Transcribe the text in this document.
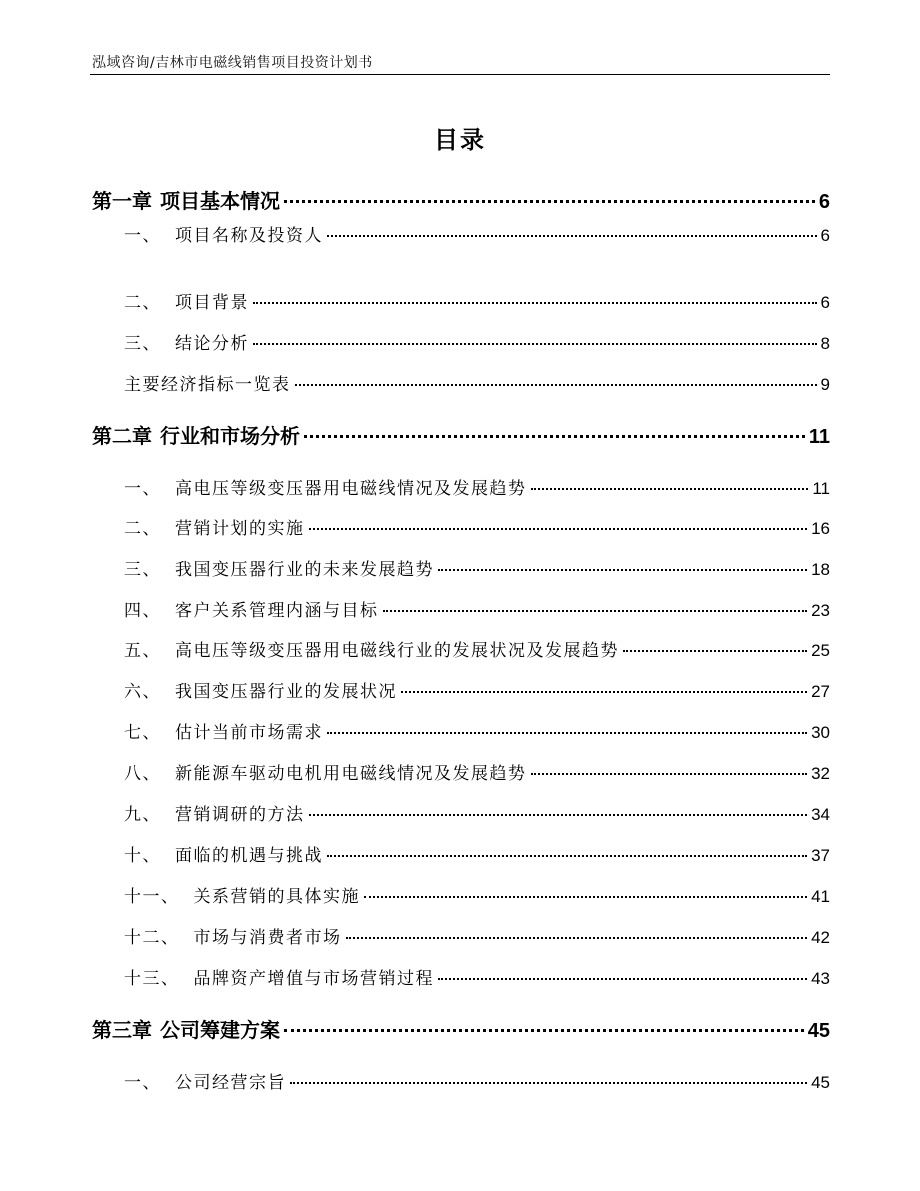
泓域咨询/吉林市电磁线销售项目投资计划书
目录
第一章 项目基本情况	6
一、 项目名称及投资人	6
二、 项目背景	6
三、 结论分析	8
主要经济指标一览表	9
第二章 行业和市场分析	11
一、 高电压等级变压器用电磁线情况及发展趋势	11
二、 营销计划的实施	16
三、 我国变压器行业的未来发展趋势	18
四、 客户关系管理内涵与目标	23
五、 高电压等级变压器用电磁线行业的发展状况及发展趋势	25
六、 我国变压器行业的发展状况	27
七、 估计当前市场需求	30
八、 新能源车驱动电机用电磁线情况及发展趋势	32
九、 营销调研的方法	34
十、 面临的机遇与挑战	37
十一、 关系营销的具体实施	41
十二、 市场与消费者市场	42
十三、 品牌资产增值与市场营销过程	43
第三章 公司筹建方案	45
一、 公司经营宗旨	45
